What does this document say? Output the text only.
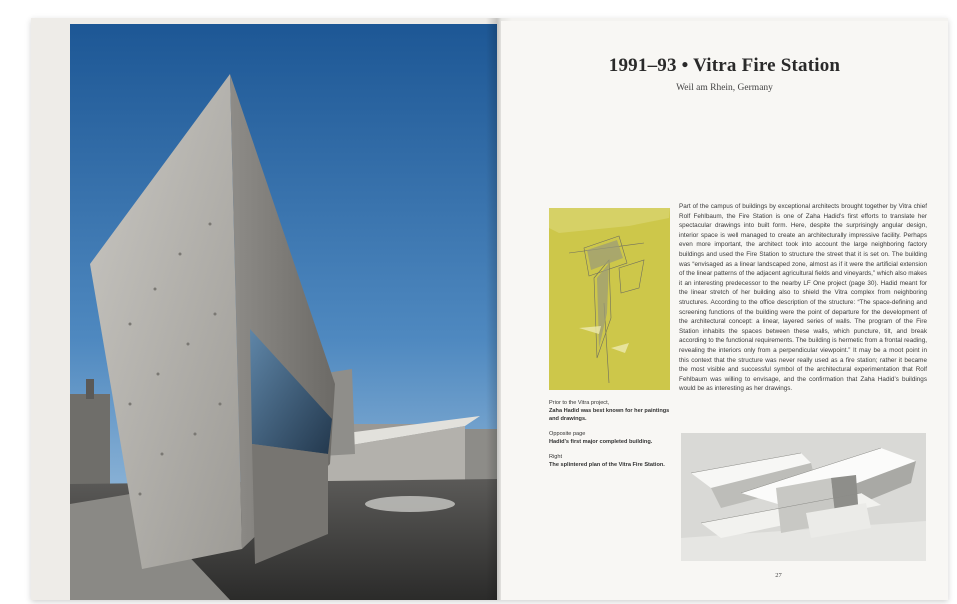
1991–93 • Vitra Fire Station
Weil am Rhein, Germany

Prior to the Vitra project,
Zaha Hadid was best known for her paintings and drawings.

Opposite page
Hadid’s first major completed building.

Right
The splintered plan of the Vitra Fire Station.

Part of the campus of buildings by exceptional architects brought together by Vitra chief Rolf Fehlbaum, the Fire Station is one of Zaha Hadid’s first efforts to translate her spectacular drawings into built form. Here, despite the surprisingly angular design, interior space is well managed to create an architecturally impressive facility. Perhaps even more important, the architect took into account the large neighboring factory buildings and used the Fire Station to structure the street that it is set on. The building was “envisaged as a linear landscaped zone, almost as if it were the artificial extension of the linear patterns of the adjacent agricultural fields and vineyards,” which also makes it an interesting predecessor to the nearby LF One project (page 30). Hadid meant for the linear stretch of her building also to shield the Vitra complex from neighboring structures. According to the office description of the structure: “The space-defining and screening functions of the building were the point of departure for the development of the architectural concept: a linear, layered series of walls. The program of the Fire Station inhabits the spaces between these walls, which puncture, tilt, and break according to the functional requirements. The building is hermetic from a frontal reading, revealing the interiors only from a perpendicular viewpoint.” It may be a moot point in this context that the structure was never really used as a fire station; rather it became the most visible and successful symbol of the architectural experimentation that Rolf Fehlbaum was willing to envisage, and the confirmation that Zaha Hadid’s buildings would be as interesting as her drawings.

27
